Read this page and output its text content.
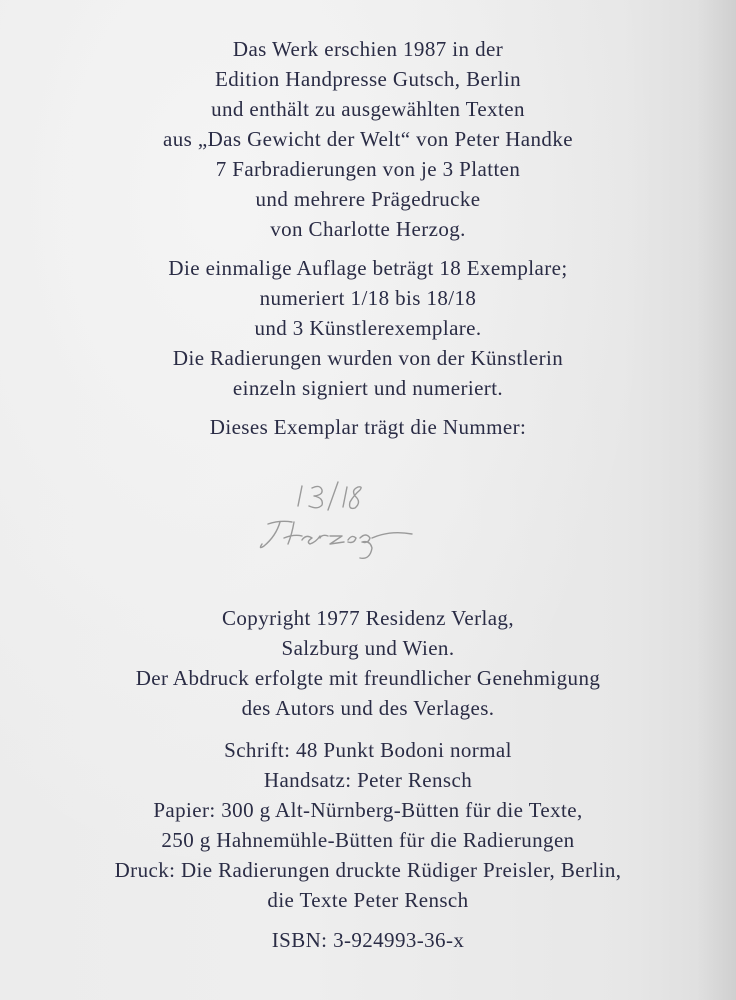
Das Werk erschien 1987 in der
Edition Handpresse Gutsch, Berlin
und enthält zu ausgewählten Texten
aus „Das Gewicht der Welt“ von Peter Handke
7 Farbradierungen von je 3 Platten
und mehrere Prägedrucke
von Charlotte Herzog.
Die einmalige Auflage beträgt 18 Exemplare;
numeriert 1/18 bis 18/18
und 3 Künstlerexemplare.
Die Radierungen wurden von der Künstlerin
einzeln signiert und numeriert.
Dieses Exemplar trägt die Nummer:
Copyright 1977 Residenz Verlag,
Salzburg und Wien.
Der Abdruck erfolgte mit freundlicher Genehmigung
des Autors und des Verlages.
Schrift: 48 Punkt Bodoni normal
Handsatz: Peter Rensch
Papier: 300 g Alt-Nürnberg-Bütten für die Texte,
250 g Hahnemühle-Bütten für die Radierungen
Druck: Die Radierungen druckte Rüdiger Preisler, Berlin,
die Texte Peter Rensch
ISBN: 3-924993-36-x
